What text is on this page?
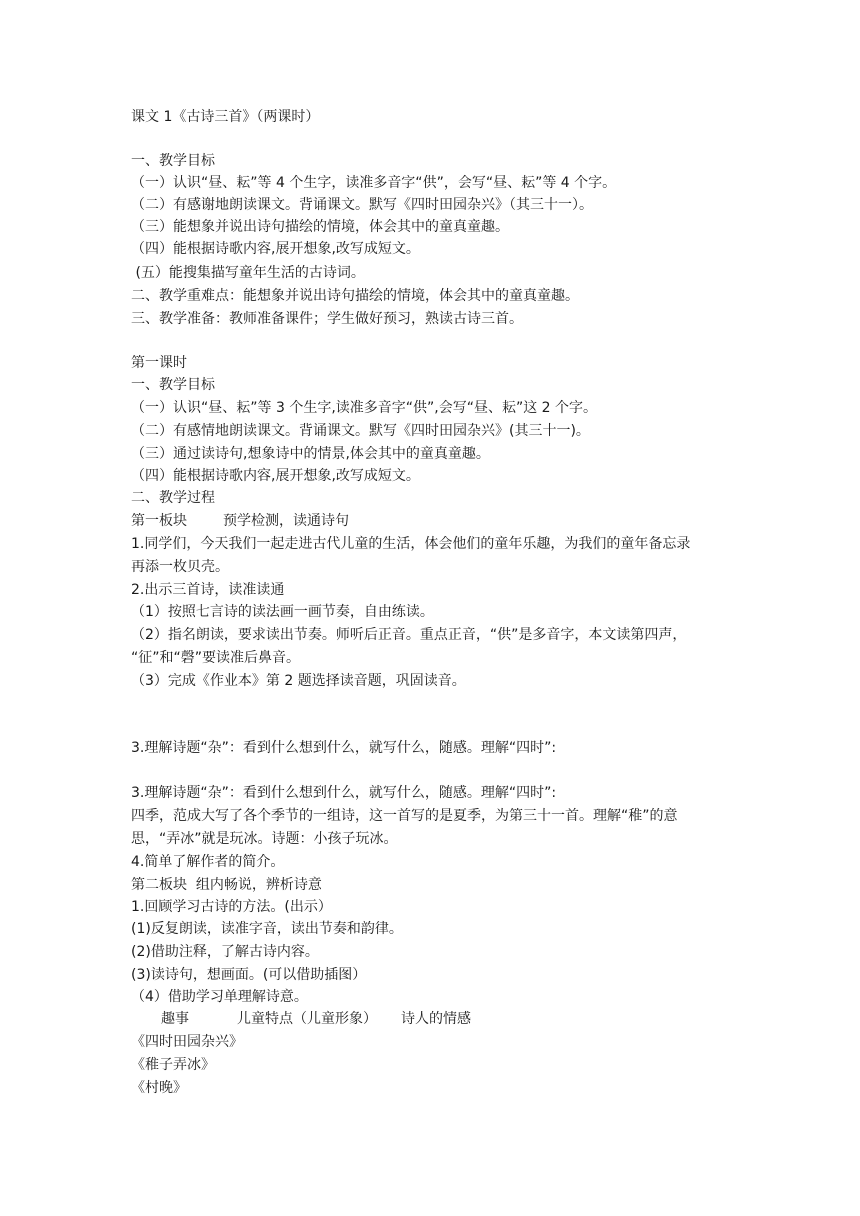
课文 1《古诗三首》（两课时）
一、教学目标
（一）认识“昼、耘”等 4 个生字，读准多音字“供”，会写“昼、耘”等 4 个字。
（二）有感谢地朗读课文。背诵课文。默写《四时田园杂兴》（其三十一）。
（三）能想象并说出诗句描绘的情境，体会其中的童真童趣。
（四）能根据诗歌内容,展开想象,改写成短文。
(五）能搜集描写童年生活的古诗词。
二、教学重难点：能想象并说出诗句描绘的情境，体会其中的童真童趣。
三、教学准备：教师准备课件；学生做好预习，熟读古诗三首。
第一课时
一、教学目标
（一）认识“昼、耘”等 3 个生字,读准多音字“供”,会写“昼、耘”这 2 个字。
（二）有感情地朗读课文。背诵课文。默写《四时田园杂兴》(其三十一)。
（三）通过读诗句,想象诗中的情景,体会其中的童真童趣。
（四）能根据诗歌内容,展开想象,改写成短文。
二、教学过程
第一板块	预学检测，读通诗句
1.同学们，今天我们一起走进古代儿童的生活，体会他们的童年乐趣，为我们的童年备忘录
再添一枚贝壳。
2.出示三首诗，读准读通
（1）按照七言诗的读法画一画节奏，自由练读。
（2）指名朗读，要求读出节奏。师听后正音。重点正音，“供”是多音字，本文读第四声，
“征”和“磬”要读准后鼻音。
（3）完成《作业本》第 2 题选择读音题，巩固读音。
3.理解诗题“杂”：看到什么想到什么，就写什么，随感。理解“四时”:
3.理解诗题“杂”：看到什么想到什么，就写什么，随感。理解“四时”:
四季，范成大写了各个季节的一组诗，这一首写的是夏季，为第三十一首。理解“稚”的意
思，“弄冰”就是玩冰。诗题：小孩子玩冰。
4.简单了解作者的简介。
第二板块  组内畅说，辨析诗意
1.回顾学习古诗的方法。(出示）
(1)反复朗读，读准字音，读出节奏和韵律。
(2)借助注释，了解古诗内容。
(3)读诗句，想画面。(可以借助插图）
（4）借助学习单理解诗意。
趣事	儿童特点（儿童形象） 诗人的情感
《四时田园杂兴》
《稚子弄冰》
《村晚》
